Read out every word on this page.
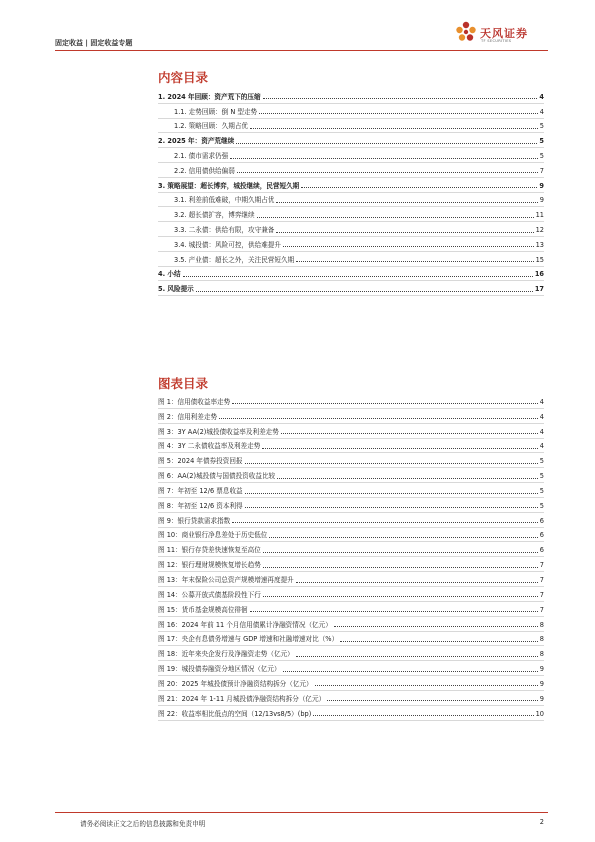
固定收益 | 固定收益专题
天风证券
TF SECURITIES
内容目录
1. 2024 年回顾：资产荒下的压缩	4
1.1. 走势回顾：倒 N 型走势	4
1.2. 策略回顾：久期占优	5
2. 2025 年：资产荒继续	5
2.1. 债市需求仍强	5
2.2. 信用债供给偏弱	7
3. 策略展望：超长博弈，城投继续，民营短久期	9
3.1. 利差前低难破，中期久期占优	9
3.2. 超长债扩容，博弈继续	11
3.3. 二永债：供给有限，攻守兼备	12
3.4. 城投债：风险可控，供给难提升	13
3.5. 产业债：超长之外，关注民营短久期	15
4. 小结	16
5. 风险提示	17
图表目录
图 1：信用债收益率走势	4
图 2：信用利差走势	4
图 3：3Y AA(2)城投债收益率及利差走势	4
图 4：3Y 二永债收益率及利差走势	4
图 5：2024 年债券投资回报	5
图 6：AA(2)城投债与国债投资收益比较	5
图 7：年初至 12/6 票息收益	5
图 8：年初至 12/6 资本利得	5
图 9：银行贷款需求指数	6
图 10：商业银行净息差处于历史低位	6
图 11：银行存贷差快速恢复至高位	6
图 12：银行理财规模恢复增长趋势	7
图 13：年末保险公司总资产规模增速再度提升	7
图 14：公募开放式债基阶段性下行	7
图 15：货币基金规模高位徘徊	7
图 16：2024 年前 11 个月信用债累计净融资情况（亿元）	8
图 17：央企有息债务增速与 GDP 增速和社融增速对比（%）	8
图 18：近年来央企发行及净融资走势（亿元）	8
图 19：城投债券融资分地区情况（亿元）	9
图 20：2025 年城投债预计净融资结构拆分（亿元）	9
图 21：2024 年 1-11 月城投债净融资结构拆分（亿元）	9
图 22：收益率相比低点的空间（12/13vs8/5）(bp)	10
请务必阅读正文之后的信息披露和免责申明	2
